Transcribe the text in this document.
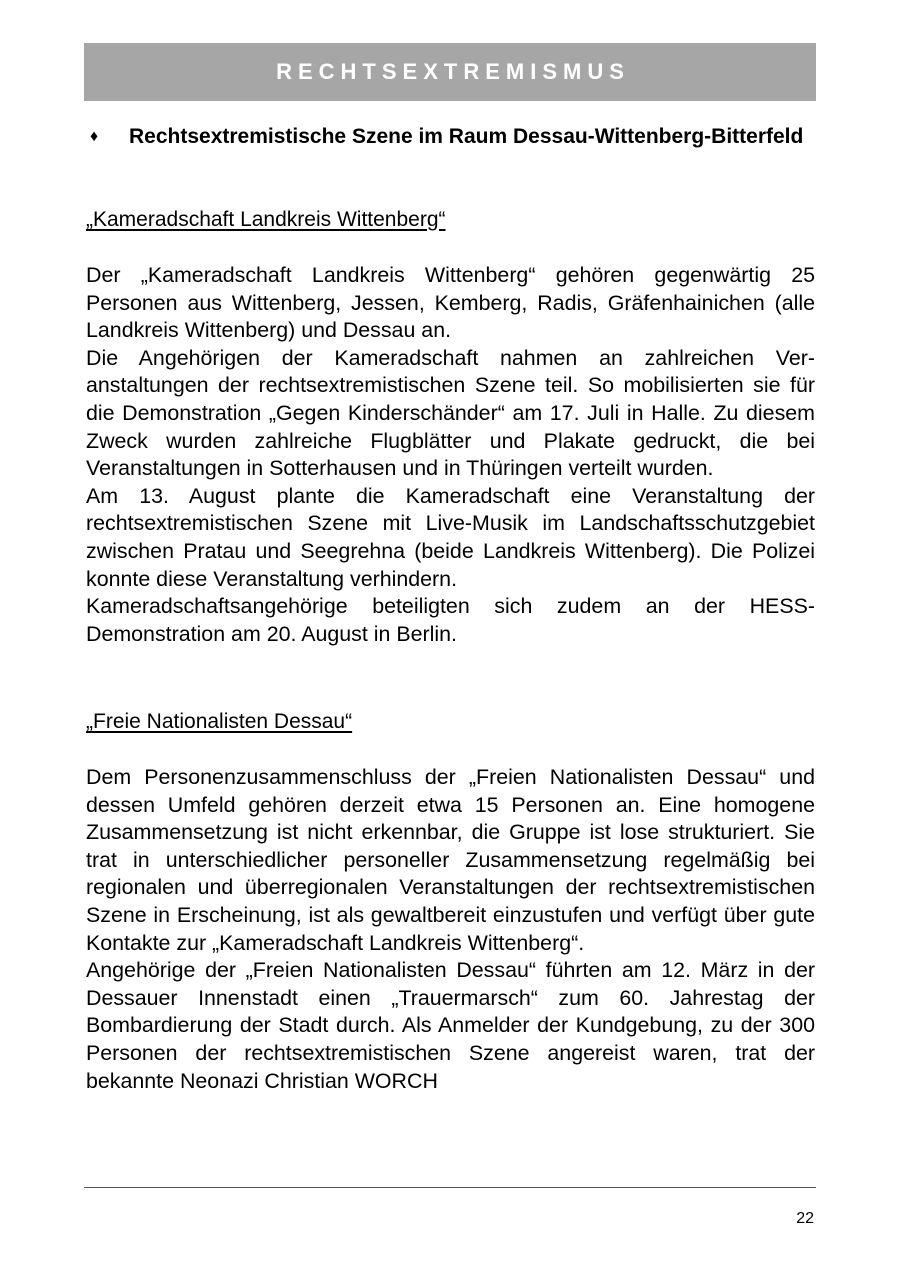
RECHTSEXTREMISMUS
♦	Rechtsextremistische Szene im Raum Dessau-Wittenberg-Bitterfeld
„Kameradschaft Landkreis Wittenberg“

Der „Kameradschaft Landkreis Wittenberg“ gehören gegenwärtig 25 Personen aus Wittenberg, Jessen, Kemberg, Radis, Gräfenhainichen (alle Landkreis Wittenberg) und Dessau an.

Die Angehörigen der Kameradschaft nahmen an zahlreichen Veranstaltungen der rechtsextremistischen Szene teil. So mobilisierten sie für die Demonstration „Gegen Kinderschänder“ am 17. Juli in Halle. Zu diesem Zweck wurden zahlreiche Flugblätter und Plakate gedruckt, die bei Veranstaltungen in Sotterhausen und in Thüringen verteilt wurden.

Am 13. August plante die Kameradschaft eine Veranstaltung der rechtsextremistischen Szene mit Live-Musik im Landschaftsschutzgebiet zwischen Pratau und Seegrehna (beide Landkreis Wittenberg). Die Polizei konnte diese Veranstaltung verhindern.

Kameradschaftsangehörige beteiligten sich zudem an der HESS-Demonstration am 20. August in Berlin.

„Freie Nationalisten Dessau“

Dem Personenzusammenschluss der „Freien Nationalisten Dessau“ und dessen Umfeld gehören derzeit etwa 15 Personen an. Eine homogene Zusammensetzung ist nicht erkennbar, die Gruppe ist lose strukturiert. Sie trat in unterschiedlicher personeller Zusammensetzung regelmäßig bei regionalen und überregionalen Veranstaltungen der rechtsextremistischen Szene in Erscheinung, ist als gewaltbereit einzustufen und verfügt über gute Kontakte zur „Kameradschaft Landkreis Wittenberg“.

Angehörige der „Freien Nationalisten Dessau“ führten am 12. März in der Dessauer Innenstadt einen „Trauermarsch“ zum 60. Jahrestag der Bombardierung der Stadt durch. Als Anmelder der Kundgebung, zu der 300 Personen der rechtsextremistischen Szene angereist waren, trat der bekannte Neonazi Christian WORCH

22
